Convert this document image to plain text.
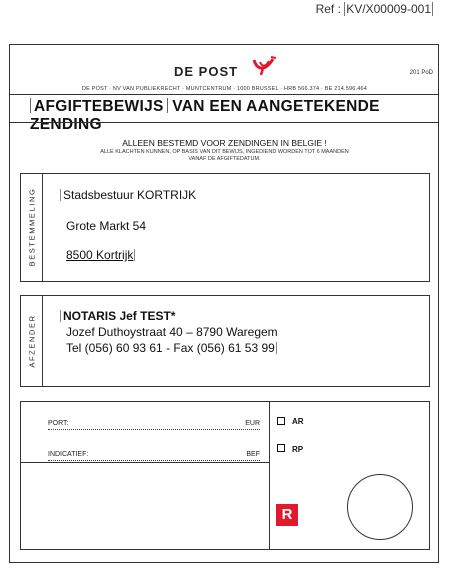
Ref : KV/X00009-001
DE POST	201 PoD
DE POST · NV VAN PUBLIEKRECHT · MUNTCENTRUM · 1000 BRUSSEL · HRB 566.374 · BE 214.596.464
AFGIFTEBEWIJS VAN EEN AANGETEKENDE ZENDING
ALLEEN BESTEMD VOOR ZENDINGEN IN BELGIE !
ALLE KLACHTEN KUNNEN, OP BASIS VAN DIT BEWIJS, INGEDIEND WORDEN TOT 6 MAANDEN
VANAF DE AFGIFTEDATUM.
BESTEMMELING Stadsbestuur KORTRIJK
Grote Markt 54
8500 Kortrijk
AFZENDER NOTARIS Jef TEST*
Jozef Duthoystraat 40 – 8790 Waregem
Tel (056) 60 93 61 - Fax (056) 61 53 99
PORT:	EUR
INDICATIEF:	BEF
AR
RP
R
